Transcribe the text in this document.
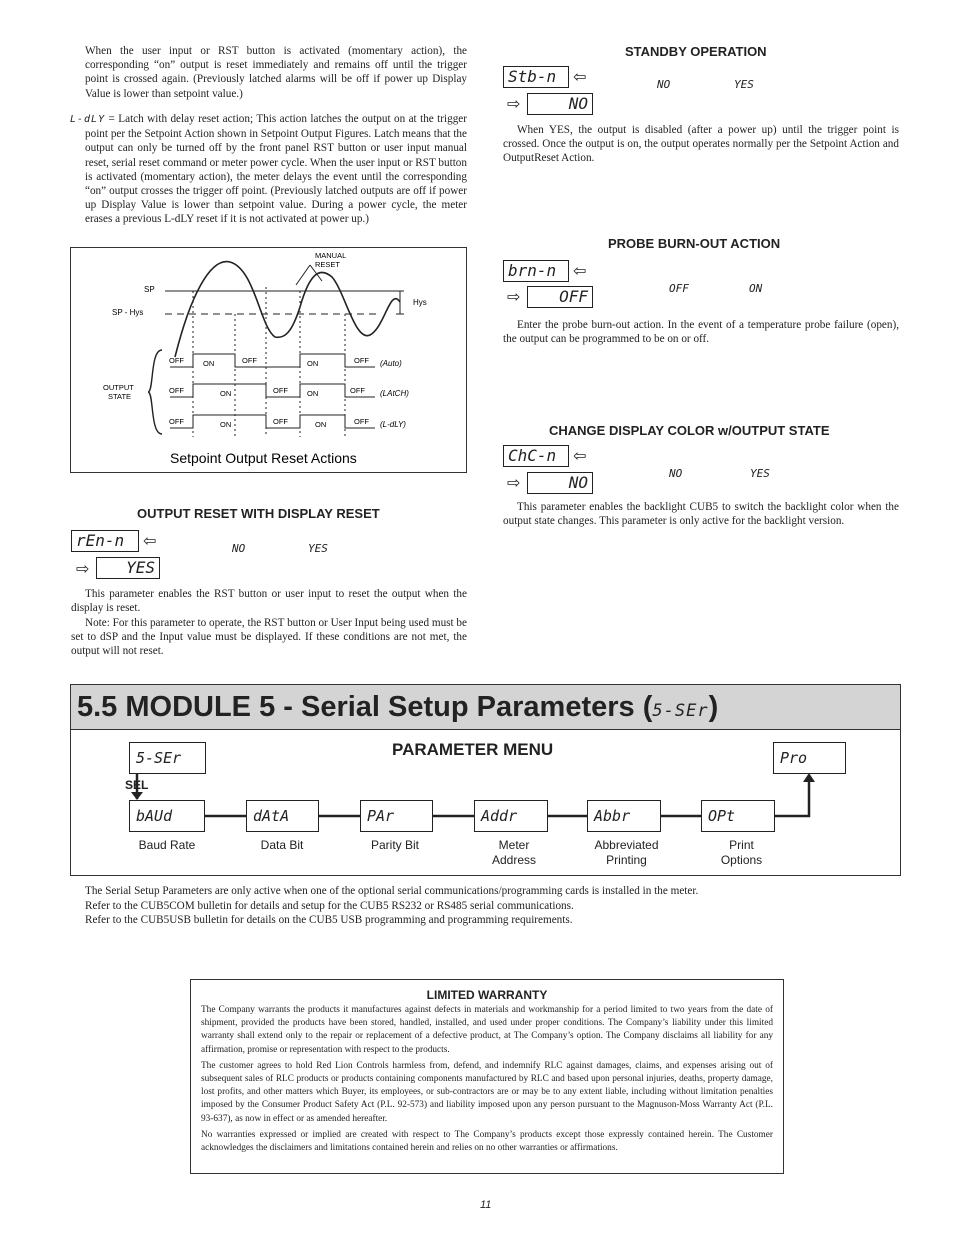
When the user input or RST button is activated (momentary action), the corresponding “on” output is reset immediately and remains off until the trigger point is crossed again. (Previously latched alarms will be off if power up Display Value is lower than setpoint value.)

L-dLY = Latch with delay reset action; This action latches the output on at the trigger point per the Setpoint Action shown in Setpoint Output Figures. Latch means that the output can only be turned off by the front panel RST button or user input manual reset, serial reset command or meter power cycle. When the user input or RST button is activated (momentary action), the meter delays the event until the corresponding “on” output crosses the trigger off point. (Previously latched outputs are off if power up Display Value is lower than setpoint value. During a power cycle, the meter erases a previous L-dLY reset if it is not activated at power up.)

Hys
SP
SP - Hys
MANUAL
RESET
OUTPUT
STATE
OFF	ON	OFF	ON	OFF (Auto)
OFF	ON	OFF	ON	OFF (LAtCH)
OFF	ON	OFF	ON	OFF (L-dLY)
Setpoint Output Reset Actions
OUTPUT RESET WITH DISPLAY RESET
rEn-n	⇦
⇨	YES
NO	YES

This parameter enables the RST button or user input to reset the output when the display is reset.

Note: For this parameter to operate, the RST button or User Input being used must be set to dSP and the Input value must be displayed. If these conditions are not met, the output will not reset.

STANDBY OPERATION
Stb-n	⇦
⇨	NO
NO	YES

When YES, the output is disabled (after a power up) until the trigger point is crossed. Once the output is on, the output operates normally per the Setpoint Action and OutputReset Action.

PROBE BURN-OUT ACTION
brn-n	⇦
⇨	OFF	OFF	ON

Enter the probe burn-out action. In the event of a temperature probe failure (open), the output can be programmed to be on or off.

CHANGE DISPLAY COLOR w/OUTPUT STATE
ChC-n	⇦
⇨	NO	NO	YES

This parameter enables the backlight CUB5 to switch the backlight color when the output state changes. This parameter is only active for the backlight version.

5.5 MODULE 5 - Serial Setup Parameters (5-SEr)
PARAMETER MENU
5-SEr
SEL
Pro
bAUd	dAtA	PAr	Addr	Abbr	OPt
Baud Rate	Data Bit	Parity Bit	Meter Address
Abbreviated Printing
Print Options
The Serial Setup Parameters are only active when one of the optional serial communications/programming cards is installed in the meter.
Refer to the CUB5COM bulletin for details and setup for the CUB5 RS232 or RS485 serial communications.
Refer to the CUB5USB bulletin for details on the CUB5 USB programming and programming requirements.
LIMITED WARRANTY

The Company warrants the products it manufactures against defects in materials and workmanship for a period limited to two years from the date of shipment, provided the products have been stored, handled, installed, and used under proper conditions. The Company’s liability under this limited warranty shall extend only to the repair or replacement of a defective product, at The Company’s option. The Company disclaims all liability for any affirmation, promise or representation with respect to the products.

The customer agrees to hold Red Lion Controls harmless from, defend, and indemnify RLC against damages, claims, and expenses arising out of subsequent sales of RLC products or products containing components manufactured by RLC and based upon personal injuries, deaths, property damage, lost profits, and other matters which Buyer, its employees, or sub-contractors are or may be to any extent liable, including without limitation penalties imposed by the Consumer Product Safety Act (P.L. 92-573) and liability imposed upon any person pursuant to the Magnuson-Moss Warranty Act (P.L. 93-637), as now in effect or as amended hereafter.

No warranties expressed or implied are created with respect to The Company’s products except those expressly contained herein. The Customer acknowledges the disclaimers and limitations contained herein and relies on no other warranties or affirmations.

11
